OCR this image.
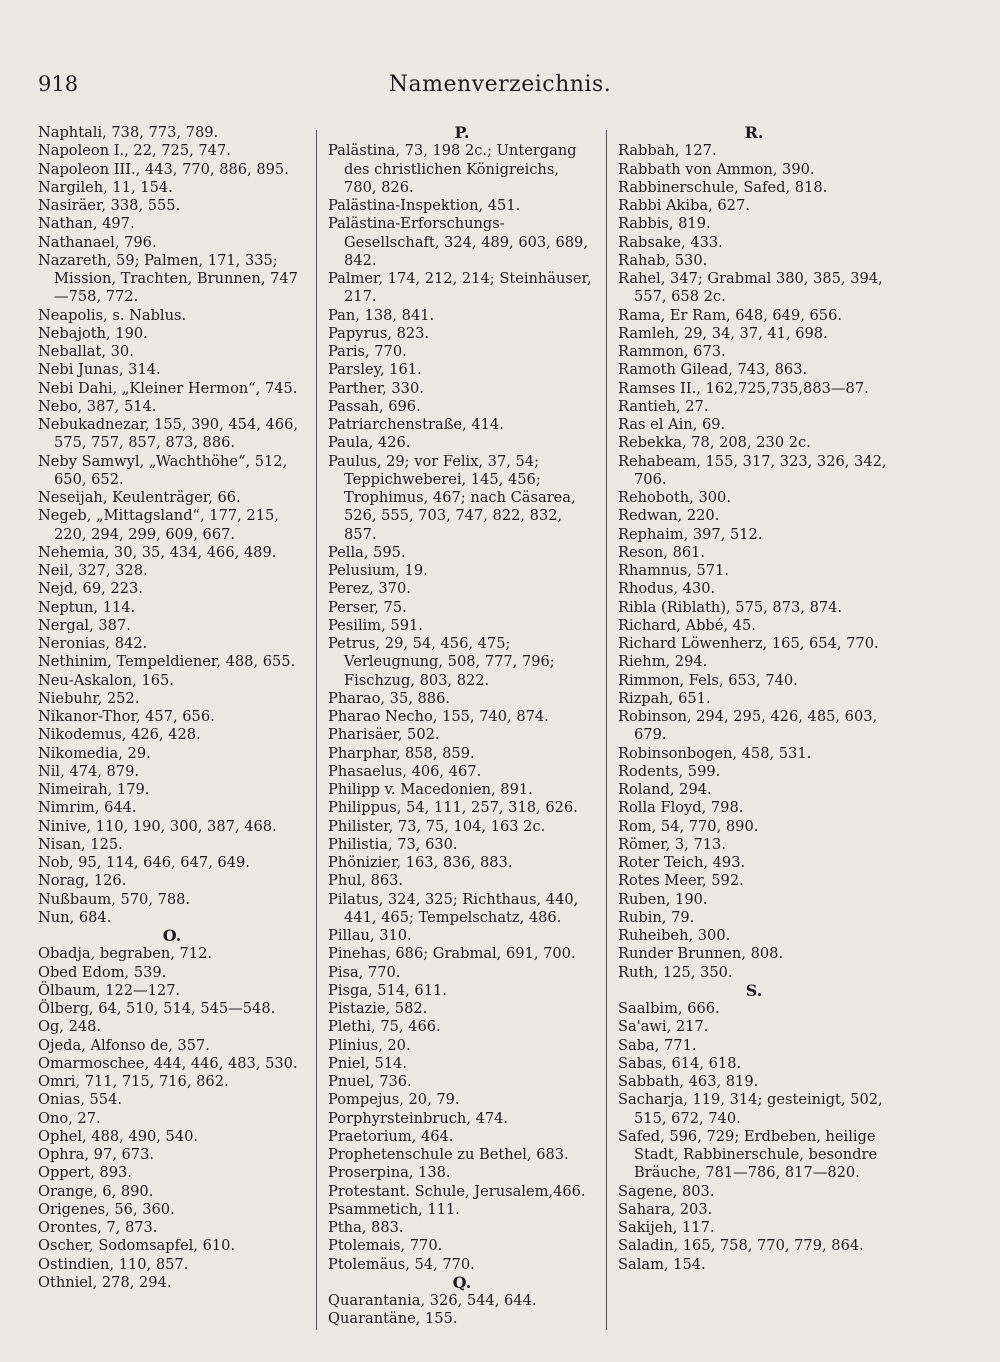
918	Namenverzeichnis.
Naphtali, 738, 773, 789.
Napoleon I., 22, 725, 747.
Napoleon III., 443, 770, 886, 895.
Nargileh, 11, 154.
Nasiräer, 338, 555.
Nathan, 497.
Nathanael, 796.
Nazareth, 59; Palmen, 171, 335; Mission, Trachten, Brunnen, 747 —758, 772.
Neapolis, s. Nablus.
Nebajoth, 190.
Neballat, 30.
Nebi Junas, 314.
Nebi Dahi, „Kleiner Hermon“, 745.
Nebo, 387, 514.
Nebukadnezar, 155, 390, 454, 466, 575, 757, 857, 873, 886.
Neby Samwyl, „Wachthöhe“, 512, 650, 652.
Neseijah, Keulenträger, 66.
Negeb, „Mittagsland“, 177, 215, 220, 294, 299, 609, 667.
Nehemia, 30, 35, 434, 466, 489.
Neil, 327, 328.
Nejd, 69, 223.
Neptun, 114.
Nergal, 387.
Neronias, 842.
Nethinim, Tempeldiener, 488, 655.
Neu-Askalon, 165.
Niebuhr, 252.
Nikanor-Thor, 457, 656.
Nikodemus, 426, 428.
Nikomedia, 29.
Nil, 474, 879.
Nimeirah, 179.
Nimrim, 644.
Ninive, 110, 190, 300, 387, 468.
Nisan, 125.
Nob, 95, 114, 646, 647, 649.
Norag, 126.
Nußbaum, 570, 788.
Nun, 684.
O.
Obadja, begraben, 712.
Obed Edom, 539.
Ölbaum, 122—127.
Ölberg, 64, 510, 514, 545—548.
Og, 248.
Ojeda, Alfonso de, 357.
Omarmoschee, 444, 446, 483, 530.
Omri, 711, 715, 716, 862.
Onias, 554.
Ono, 27.
Ophel, 488, 490, 540.
Ophra, 97, 673.
Oppert, 893.
Orange, 6, 890.
Origenes, 56, 360.
Orontes, 7, 873.
Oscher, Sodomsapfel, 610.
Ostindien, 110, 857.
Othniel, 278, 294.
P.
Palästina, 73, 198 2c.; Untergang des christlichen Königreichs, 780, 826.
Palästina-Inspektion, 451.
Palästina-Erforschungs-Gesellschaft, 324, 489, 603, 689, 842.
Palmer, 174, 212, 214; Steinhäuser, 217.
Pan, 138, 841.
Papyrus, 823.
Paris, 770.
Parsley, 161.
Parther, 330.
Passah, 696.
Patriarchenstraße, 414.
Paula, 426.
Paulus, 29; vor Felix, 37, 54; Teppichweberei, 145, 456; Trophimus, 467; nach Cäsarea, 526, 555, 703, 747, 822, 832, 857.
Pella, 595.
Pelusium, 19.
Perez, 370.
Perser, 75.
Pesilim, 591.
Petrus, 29, 54, 456, 475; Verleugnung, 508, 777, 796; Fischzug, 803, 822.
Pharao, 35, 886.
Pharao Necho, 155, 740, 874.
Pharisäer, 502.
Pharphar, 858, 859.
Phasaelus, 406, 467.
Philipp v. Macedonien, 891.
Philippus, 54, 111, 257, 318, 626.
Philister, 73, 75, 104, 163 2c.
Philistia, 73, 630.
Phönizier, 163, 836, 883.
Phul, 863.
Pilatus, 324, 325; Richthaus, 440, 441, 465; Tempelschatz, 486.
Pillau, 310.
Pinehas, 686; Grabmal, 691, 700.
Pisa, 770.
Pisga, 514, 611.
Pistazie, 582.
Plethi, 75, 466.
Plinius, 20.
Pniel, 514.
Pnuel, 736.
Pompejus, 20, 79.
Porphyrsteinbruch, 474.
Praetorium, 464.
Prophetenschule zu Bethel, 683.
Proserpina, 138.
Protestant. Schule, Jerusalem,466.
Psammetich, 111.
Ptha, 883.
Ptolemais, 770.
Ptolemäus, 54, 770.
Q.
Quarantania, 326, 544, 644.
Quarantäne, 155.
R.
Rabbah, 127.
Rabbath von Ammon, 390.
Rabbinerschule, Safed, 818.
Rabbi Akiba, 627.
Rabbis, 819.
Rabsake, 433.
Rahab, 530.
Rahel, 347; Grabmal 380, 385, 394, 557, 658 2c.
Rama, Er Ram, 648, 649, 656.
Ramleh, 29, 34, 37, 41, 698.
Rammon, 673.
Ramoth Gilead, 743, 863.
Ramses II., 162,725,735,883—87.
Rantieh, 27.
Ras el Ain, 69.
Rebekka, 78, 208, 230 2c.
Rehabeam, 155, 317, 323, 326, 342, 706.
Rehoboth, 300.
Redwan, 220.
Rephaim, 397, 512.
Reson, 861.
Rhamnus, 571.
Rhodus, 430.
Ribla (Riblath), 575, 873, 874.
Richard, Abbé, 45.
Richard Löwenherz, 165, 654, 770.
Riehm, 294.
Rimmon, Fels, 653, 740.
Rizpah, 651.
Robinson, 294, 295, 426, 485, 603, 679.
Robinsonbogen, 458, 531.
Rodents, 599.
Roland, 294.
Rolla Floyd, 798.
Rom, 54, 770, 890.
Römer, 3, 713.
Roter Teich, 493.
Rotes Meer, 592.
Ruben, 190.
Rubin, 79.
Ruheibeh, 300.
Runder Brunnen, 808.
Ruth, 125, 350.
S.
Saalbim, 666.
Sa'awi, 217.
Saba, 771.
Sabas, 614, 618.
Sabbath, 463, 819.
Sacharja, 119, 314; gesteinigt, 502, 515, 672, 740.
Safed, 596, 729; Erdbeben, heilige Stadt, Rabbinerschule, besondre Bräuche, 781—786, 817—820.
Sagene, 803.
Sahara, 203.
Sakijeh, 117.
Saladin, 165, 758, 770, 779, 864.
Salam, 154.
